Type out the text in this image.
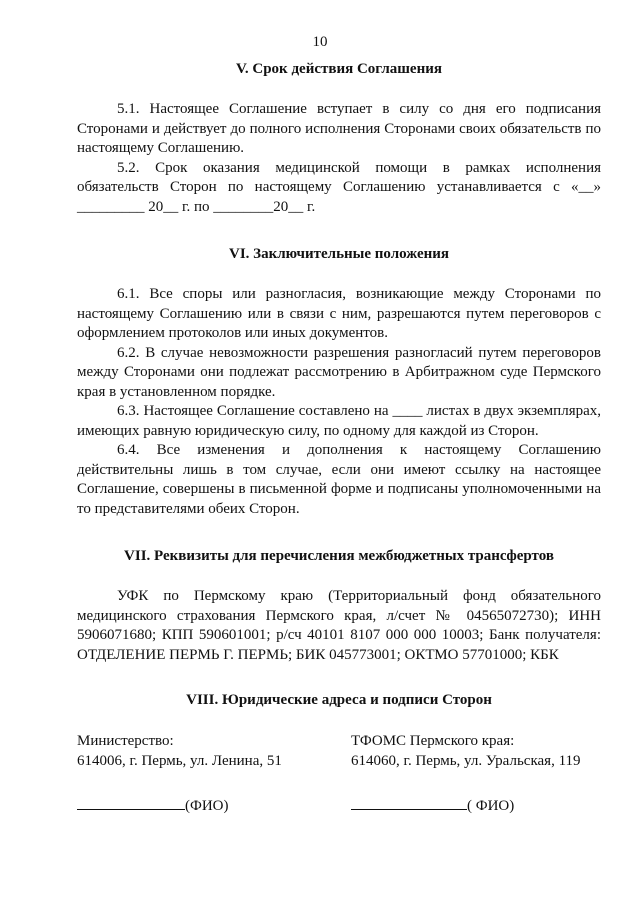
10
V. Срок действия Соглашения

5.1. Настоящее Соглашение вступает в силу со дня его подписания Сторонами и действует до полного исполнения Сторонами своих обязательств по настоящему Соглашению.

5.2. Срок оказания медицинской помощи в рамках исполнения обязательств Сторон по настоящему Соглашению устанавливается с «__» _________ 20__ г. по ________20__ г.

VI. Заключительные положения

6.1. Все споры или разногласия, возникающие между Сторонами по настоящему Соглашению или в связи с ним, разрешаются путем переговоров с оформлением протоколов или иных документов.

6.2. В случае невозможности разрешения разногласий путем переговоров между Сторонами они подлежат рассмотрению в Арбитражном суде Пермского края в установленном порядке.

6.3. Настоящее Соглашение составлено на ____ листах в двух экземплярах, имеющих равную юридическую силу, по одному для каждой из Сторон.

6.4. Все изменения и дополнения к настоящему Соглашению действительны лишь в том случае, если они имеют ссылку на настоящее Соглашение, совершены в письменной форме и подписаны уполномоченными на то представителями обеих Сторон.

VII. Реквизиты для перечисления межбюджетных трансфертов

УФК по Пермскому краю (Территориальный фонд обязательного медицинского страхования Пермского края, л/счет № 04565072730); ИНН 5906071680; КПП 590601001; р/сч 40101 8107 000 000 10003; Банк получателя: ОТДЕЛЕНИЕ ПЕРМЬ Г. ПЕРМЬ; БИК 045773001; ОКТМО 57701000; КБК

VIII. Юридические адреса и подписи Сторон
Министерство:
614006, г. Пермь, ул. Ленина, 51
ТФОМС Пермского края:
614060, г. Пермь, ул. Уральская, 119
(ФИО)	( ФИО)
